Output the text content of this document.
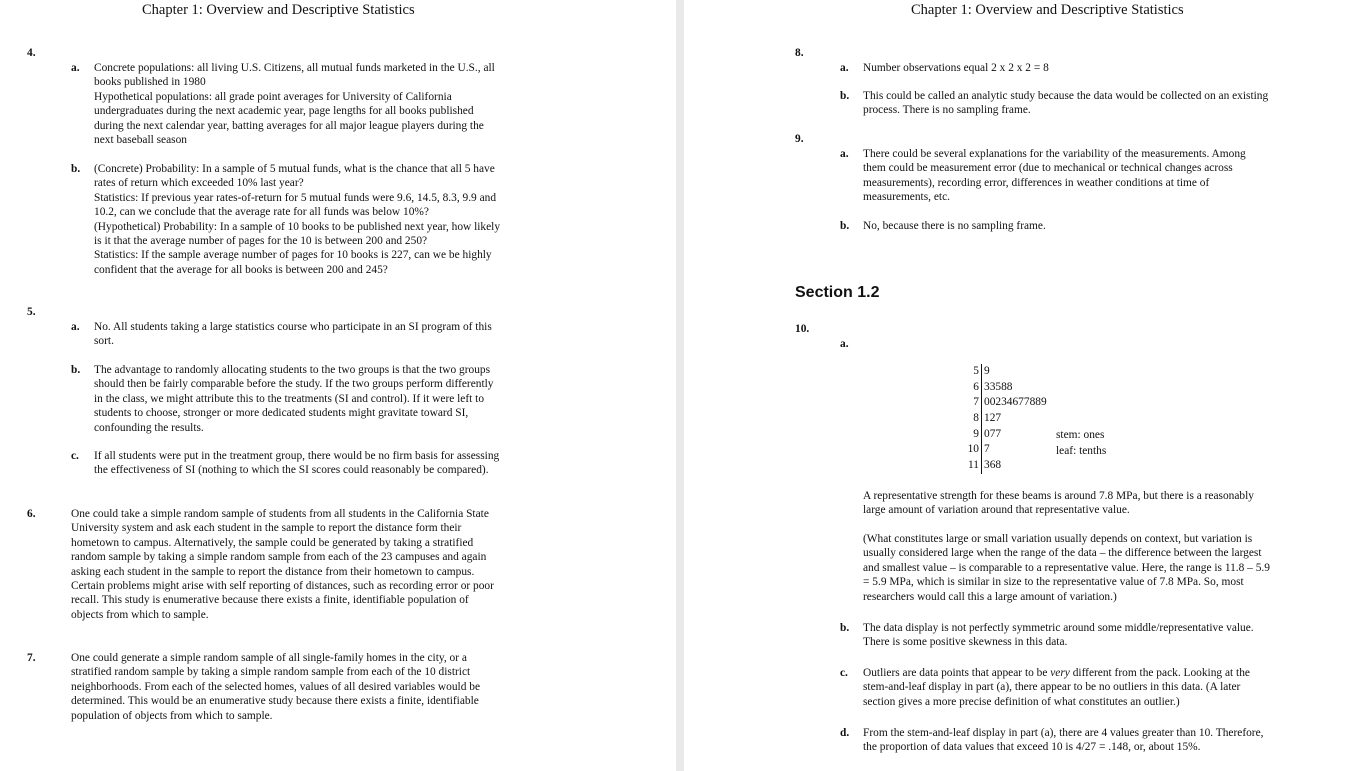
Chapter 1: Overview and Descriptive Statistics
4.
a. Concrete populations: all living U.S. Citizens, all mutual funds marketed in the U.S., all

books published in 1980

Hypothetical populations: all grade point averages for University of California

undergraduates during the next academic year, page lengths for all books published

during the next calendar year, batting averages for all major league players during the

next baseball season

b. (Concrete) Probability: In a sample of 5 mutual funds, what is the chance that all 5 have

rates of return which exceeded 10% last year?

Statistics: If previous year rates-of-return for 5 mutual funds were 9.6, 14.5, 8.3, 9.9 and

10.2, can we conclude that the average rate for all funds was below 10%?

(Hypothetical) Probability: In a sample of 10 books to be published next year, how likely

is it that the average number of pages for the 10 is between 200 and 250?

Statistics: If the sample average number of pages for 10 books is 227, can we be highly

confident that the average for all books is between 200 and 245?

5.
a. No. All students taking a large statistics course who participate in an SI program of this

sort.

b. The advantage to randomly allocating students to the two groups is that the two groups

should then be fairly comparable before the study. If the two groups perform differently

in the class, we might attribute this to the treatments (SI and control). If it were left to

students to choose, stronger or more dedicated students might gravitate toward SI,

confounding the results.

c. If all students were put in the treatment group, there would be no firm basis for assessing

the effectiveness of SI (nothing to which the SI scores could reasonably be compared).

6.	One could take a simple random sample of students from all students in the California State

University system and ask each student in the sample to report the distance form their

hometown to campus. Alternatively, the sample could be generated by taking a stratified

random sample by taking a simple random sample from each of the 23 campuses and again

asking each student in the sample to report the distance from their hometown to campus.

Certain problems might arise with self reporting of distances, such as recording error or poor

recall. This study is enumerative because there exists a finite, identifiable population of

objects from which to sample.

7.	One could generate a simple random sample of all single-family homes in the city, or a

stratified random sample by taking a simple random sample from each of the 10 district

neighborhoods. From each of the selected homes, values of all desired variables would be

determined. This would be an enumerative study because there exists a finite, identifiable

population of objects from which to sample.

Chapter 1: Overview and Descriptive Statistics
8.
a. Number observations equal 2 x 2 x 2 = 8

b. This could be called an analytic study because the data would be collected on an existing

process. There is no sampling frame.

9.
a. There could be several explanations for the variability of the measurements. Among

them could be measurement error (due to mechanical or technical changes across

measurements), recording error, differences in weather conditions at time of

measurements, etc.

b. No, because there is no sampling frame.

Section 1.2
10.
a.
5 9
6 33588
7 00234677889
8 127
9 077
10 7
11 368
stem: ones
leaf: tenths

A representative strength for these beams is around 7.8 MPa, but there is a reasonably

large amount of variation around that representative value.

(What constitutes large or small variation usually depends on context, but variation is

usually considered large when the range of the data – the difference between the largest

and smallest value – is comparable to a representative value. Here, the range is 11.8 – 5.9

= 5.9 MPa, which is similar in size to the representative value of 7.8 MPa. So, most

researchers would call this a large amount of variation.)

b. The data display is not perfectly symmetric around some middle/representative value.

There is some positive skewness in this data.

c. Outliers are data points that appear to be very different from the pack. Looking at the

stem-and-leaf display in part (a), there appear to be no outliers in this data. (A later

section gives a more precise definition of what constitutes an outlier.)

d. From the stem-and-leaf display in part (a), there are 4 values greater than 10. Therefore,

the proportion of data values that exceed 10 is 4/27 = .148, or, about 15%.
